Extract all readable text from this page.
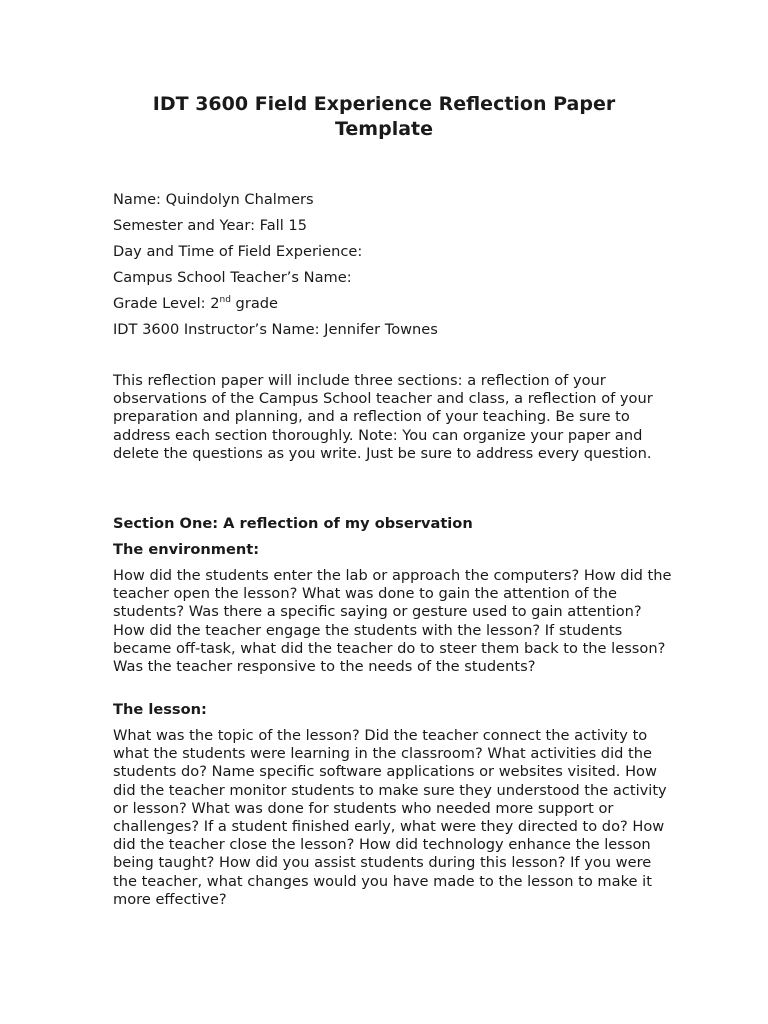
IDT 3600 Field Experience Reflection Paper
Template

Name: Quindolyn Chalmers

Semester and Year: Fall 15

Day and Time of Field Experience:

Campus School Teacher’s Name:

Grade Level: 2nd grade

IDT 3600 Instructor’s Name: Jennifer Townes

This reflection paper will include three sections: a reflection of your observations of the Campus School teacher and class, a reflection of your preparation and planning, and a reflection of your teaching. Be sure to address each section thoroughly. Note: You can organize your paper and delete the questions as you write. Just be sure to address every question.

Section One: A reflection of my observation

The environment:

How did the students enter the lab or approach the computers? How did the teacher open the lesson? What was done to gain the attention of the students? Was there a specific saying or gesture used to gain attention? How did the teacher engage the students with the lesson? If students became off-task, what did the teacher do to steer them back to the lesson? Was the teacher responsive to the needs of the students?

The lesson:

What was the topic of the lesson? Did the teacher connect the activity to what the students were learning in the classroom? What activities did the students do? Name specific software applications or websites visited. How did the teacher monitor students to make sure they understood the activity or lesson? What was done for students who needed more support or challenges? If a student finished early, what were they directed to do? How did the teacher close the lesson? How did technology enhance the lesson being taught? How did you assist students during this lesson? If you were the teacher, what changes would you have made to the lesson to make it more effective?
